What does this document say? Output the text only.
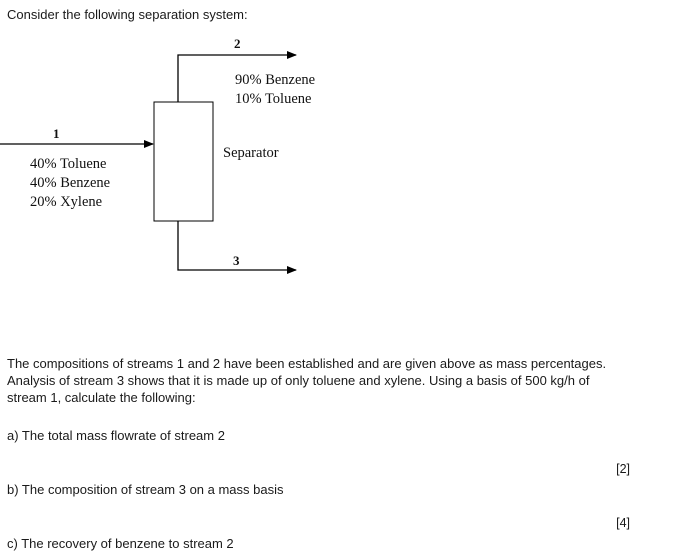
Consider the following separation system:
2
90% Benzene
10% Toluene
1
40% Toluene
40% Benzene
20% Xylene
Separator
3
The compositions of streams 1 and 2 have been established and are given above as mass percentages.
Analysis of stream 3 shows that it is made up of only toluene and xylene. Using a basis of 500 kg/h of
stream 1, calculate the following:
a) The total mass flowrate of stream 2
[2]
b) The composition of stream 3 on a mass basis
[4]
c) The recovery of benzene to stream 2
